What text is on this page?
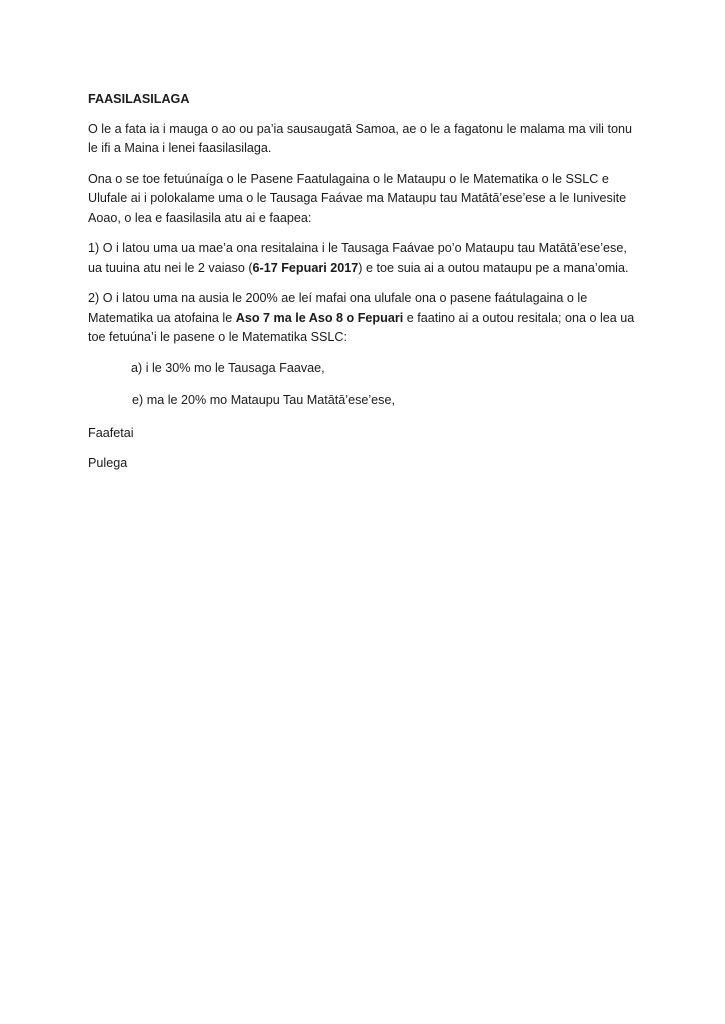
FAASILASILAGA

O le a fata ia i mauga o ao ou pa’ia sausaugatā Samoa, ae o le a fagatonu le malama ma vili tonu le ifi a Maina i lenei faasilasilaga.

Ona o se toe fetuúnaíga o le Pasene Faatulagaina o le Mataupu o le Matematika o le SSLC e Ulufale ai i polokalame uma o le Tausaga Faávae ma Mataupu tau Matātā’ese’ese a le Iunivesite Aoao, o lea e faasilasila atu ai e faapea:

1) O i latou uma ua mae’a ona resitalaina i le Tausaga Faávae po’o Mataupu tau Matātā’ese’ese, ua tuuina atu nei le 2 vaiaso (6-17 Fepuari 2017) e toe suia ai a outou mataupu pe a mana’omia.

2) O i latou uma na ausia le 200% ae leí mafai ona ulufale ona o pasene faátulagaina o le Matematika ua atofaina le Aso 7 ma le Aso 8 o Fepuari e faatino ai a outou resitala; ona o lea ua toe fetuúna’i le pasene o le Matematika SSLC:

a) i le 30% mo le Tausaga Faavae,

e) ma le 20% mo Mataupu Tau Matātā’ese’ese,

Faafetai

Pulega
